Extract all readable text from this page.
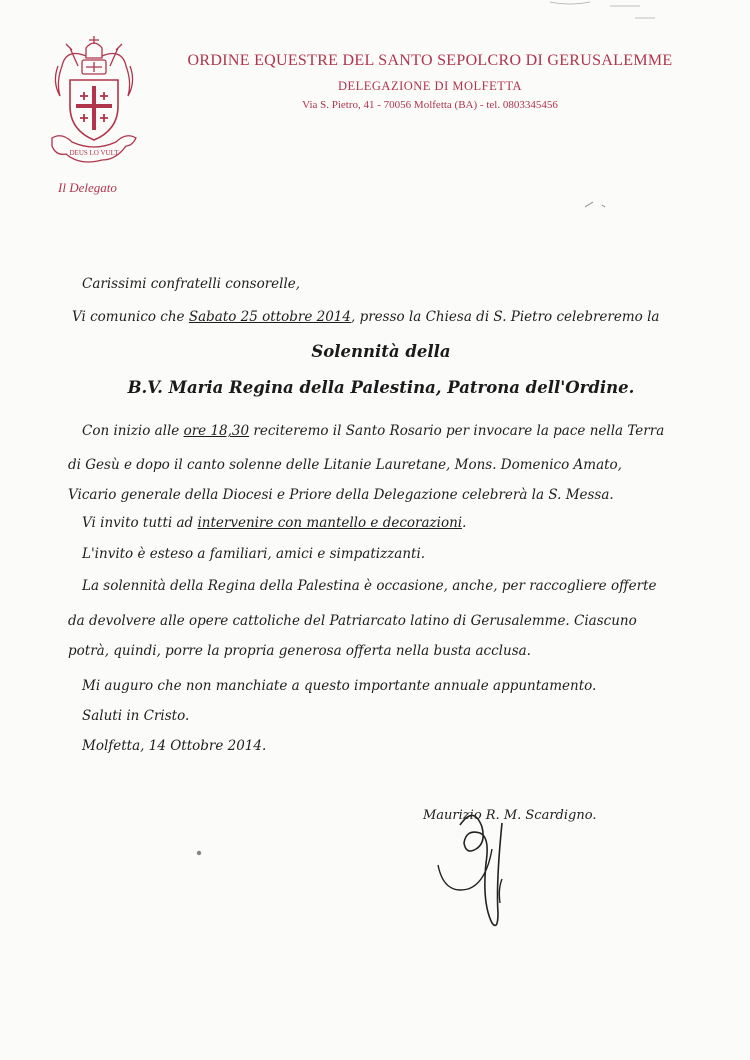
DEUS LO VULT
ORDINE EQUESTRE DEL SANTO SEPOLCRO DI GERUSALEMME
DELEGAZIONE DI MOLFETTA
Via S. Pietro, 41 - 70056 Molfetta (BA) - tel. 0803345456
Il Delegato
Carissimi confratelli consorelle,
Vi comunico che Sabato 25 ottobre 2014, presso la Chiesa di S. Pietro celebreremo la
Solennità della
B.V. Maria Regina della Palestina, Patrona dell'Ordine.
Con inizio alle ore 18,30 reciteremo il Santo Rosario per invocare la pace nella Terra
di Gesù e dopo il canto solenne delle Litanie Lauretane, Mons. Domenico Amato,
Vicario generale della Diocesi e Priore della Delegazione celebrerà la S. Messa.
Vi invito tutti ad intervenire con mantello e decorazioni.
L'invito è esteso a familiari, amici e simpatizzanti.
La solennità della Regina della Palestina è occasione, anche, per raccogliere offerte
da devolvere alle opere cattoliche del Patriarcato latino di Gerusalemme. Ciascuno
potrà, quindi, porre la propria generosa offerta nella busta acclusa.
Mi auguro che non manchiate a questo importante annuale appuntamento.
Saluti in Cristo.
Molfetta, 14 Ottobre 2014.
Maurizio R. M. Scardigno.
